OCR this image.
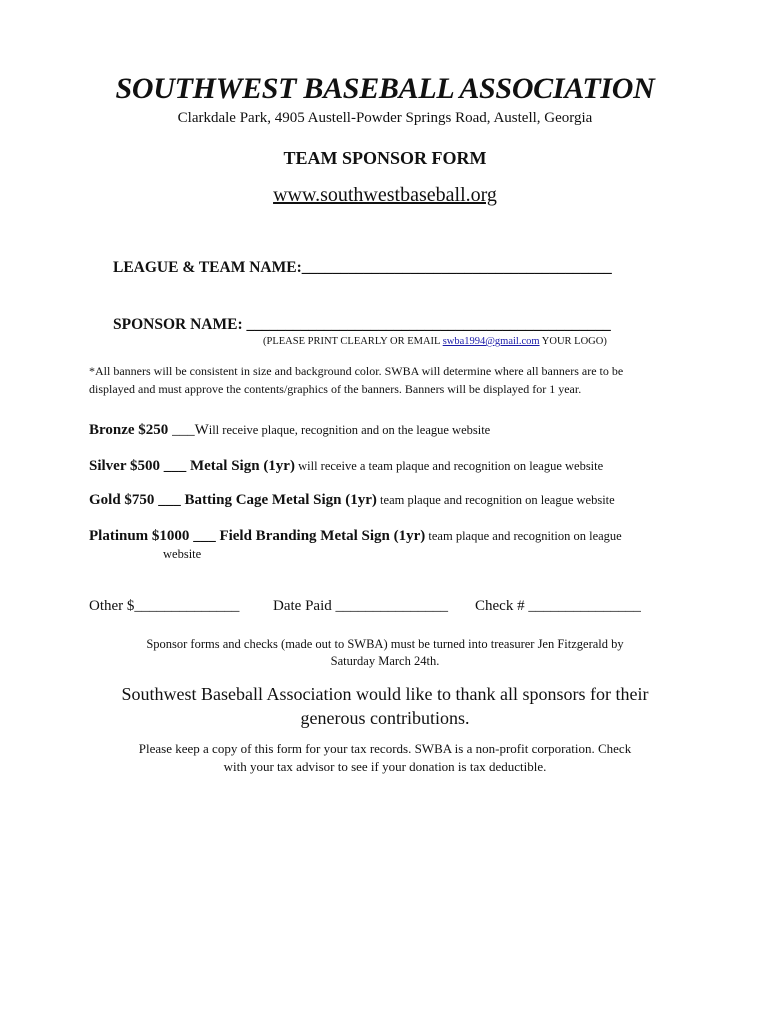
SOUTHWEST BASEBALL ASSOCIATION
Clarkdale Park, 4905 Austell-Powder Springs Road, Austell, Georgia
TEAM SPONSOR FORM
www.southwestbaseball.org
LEAGUE & TEAM NAME:________________________________________
SPONSOR NAME: _______________________________________________
(PLEASE PRINT CLEARLY OR EMAIL swba1994@gmail.com YOUR LOGO)
*All banners will be consistent in size and background color. SWBA will determine where all banners are to be
displayed and must approve the contents/graphics of the banners. Banners will be displayed for 1 year.
Bronze $250 ___Will receive plaque, recognition and on the league website
Silver $500 ___ Metal Sign (1yr) will receive a team plaque and recognition on league website
Gold $750 ___ Batting Cage Metal Sign (1yr) team plaque and recognition on league website
Platinum $1000 ___ Field Branding Metal Sign (1yr) team plaque and recognition on league
website
Other $______________ Date Paid _______________ Check # _______________
Sponsor forms and checks (made out to SWBA) must be turned into treasurer Jen Fitzgerald by
Saturday March 24th.
Southwest Baseball Association would like to thank all sponsors for their
generous contributions.
Please keep a copy of this form for your tax records. SWBA is a non-profit corporation. Check
with your tax advisor to see if your donation is tax deductible.
